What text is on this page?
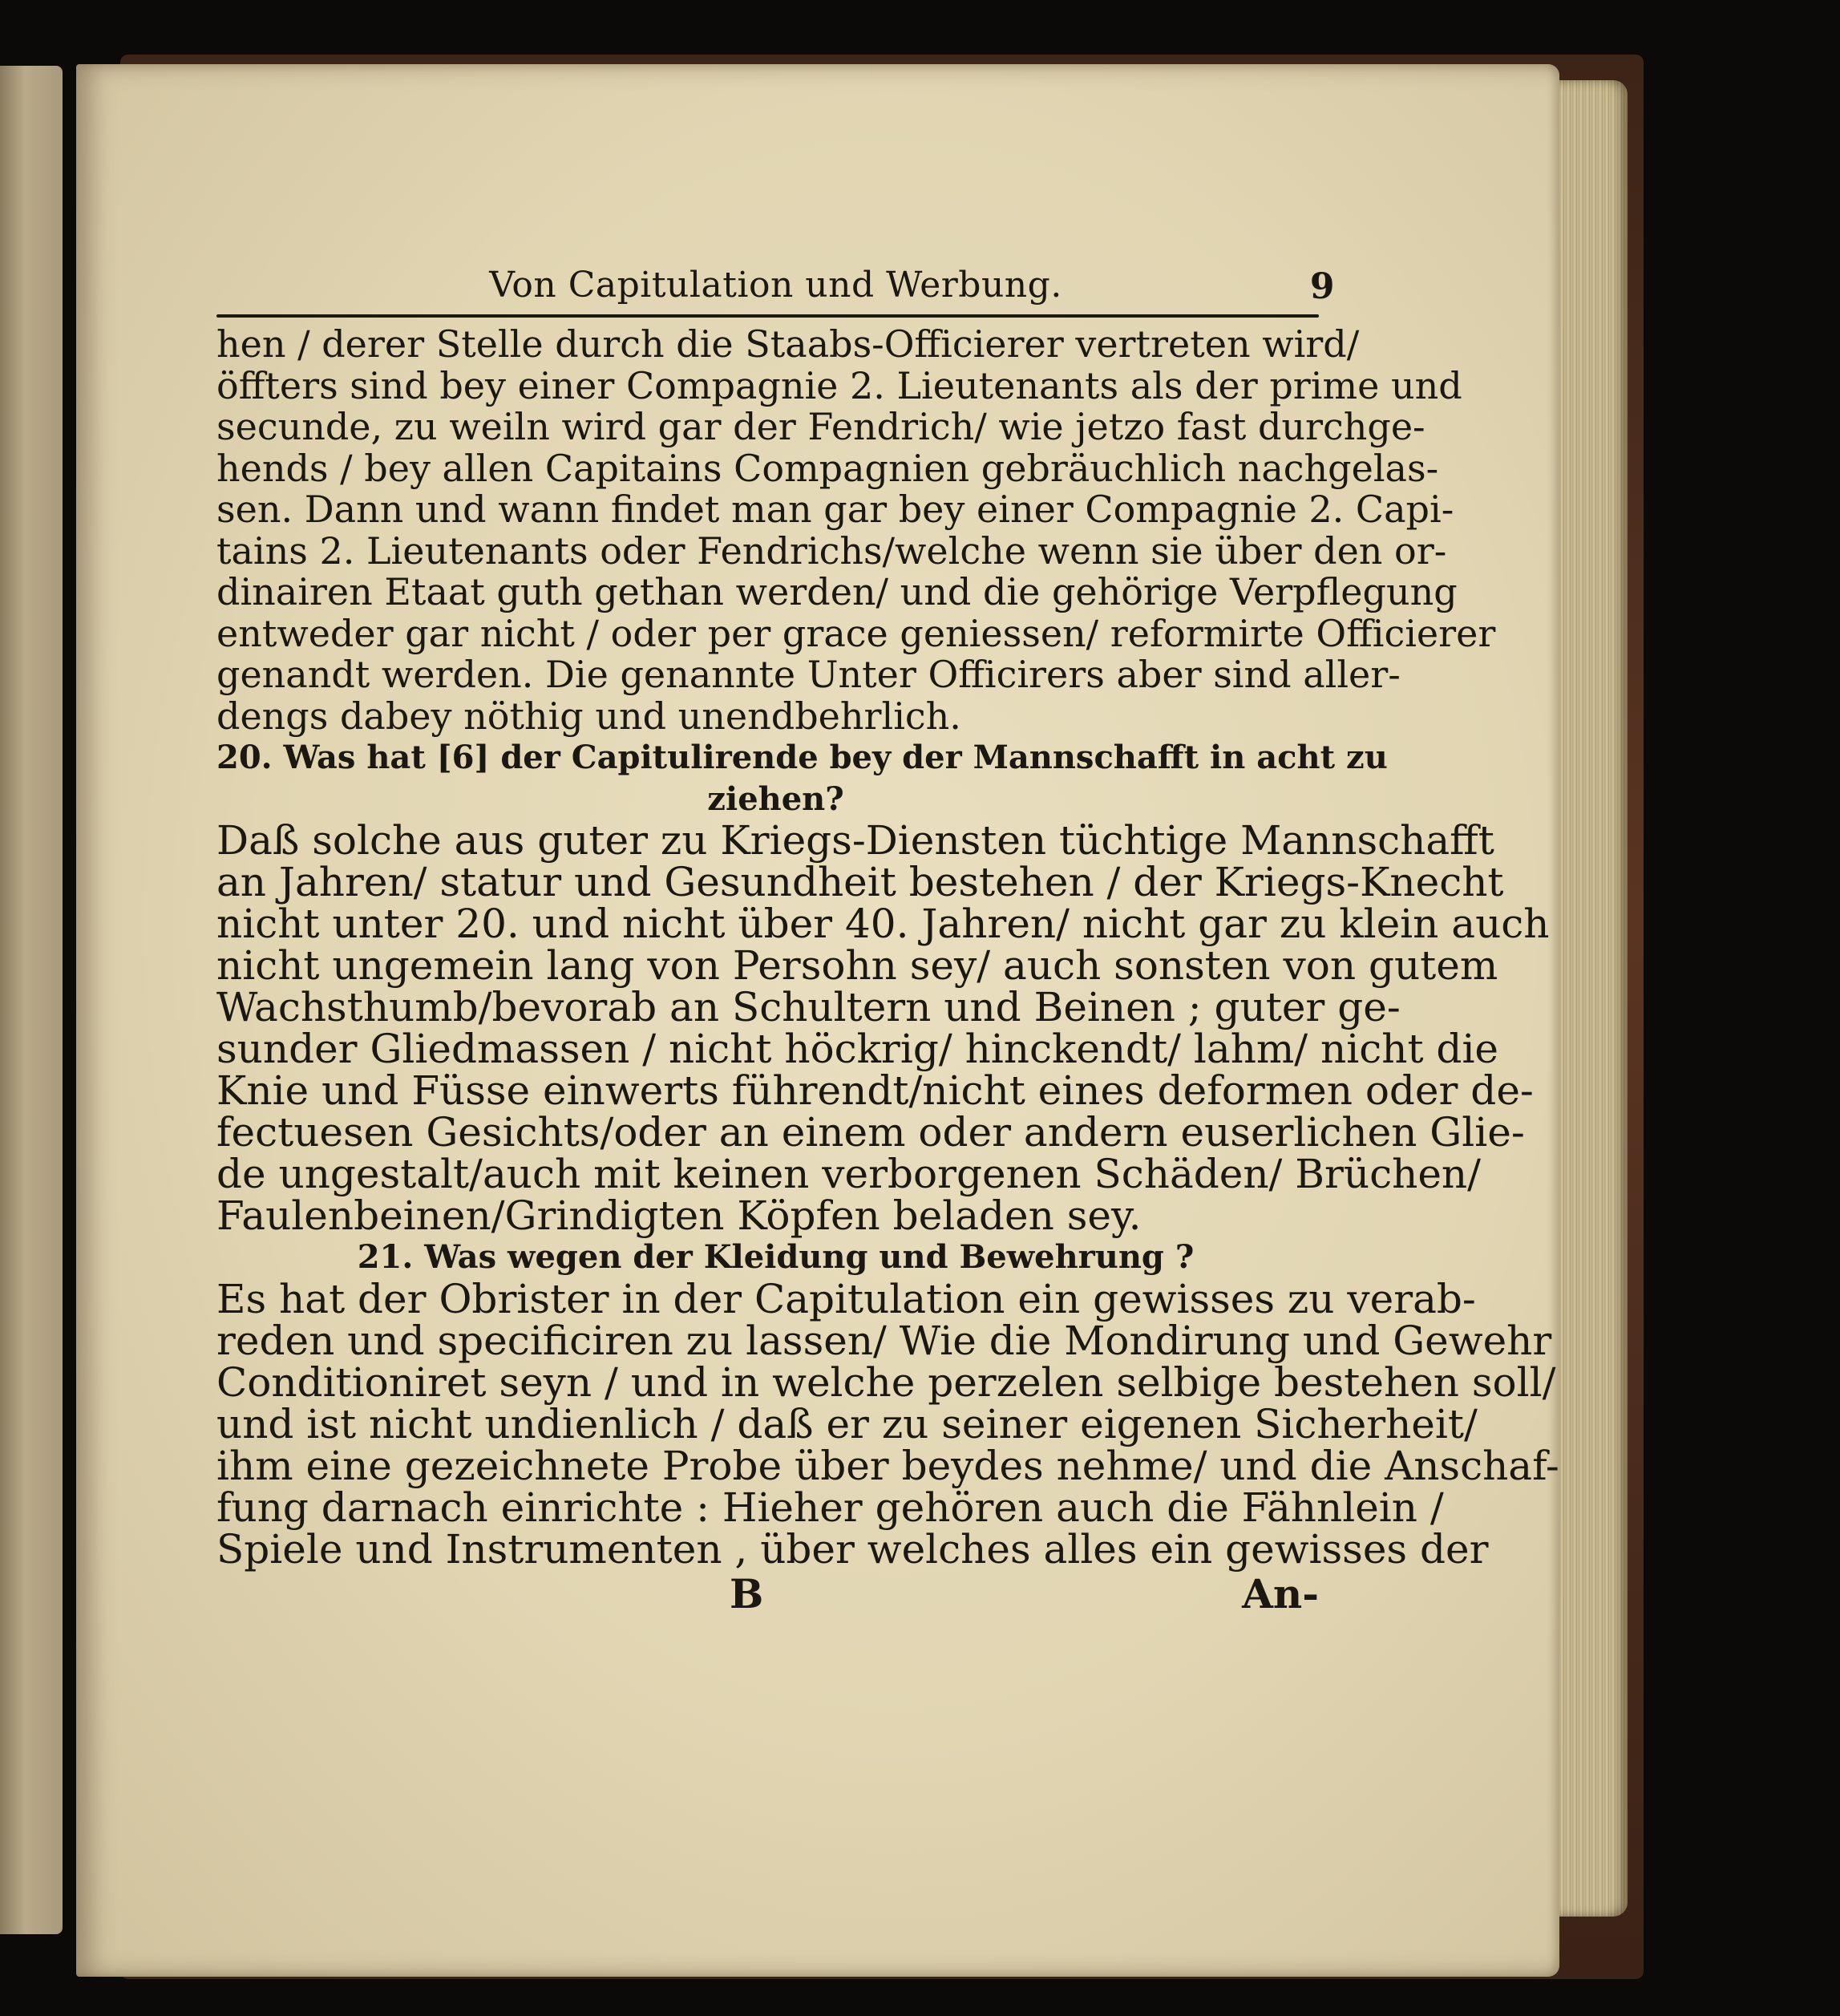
Von Capitulation und Werbung.	9
hen / derer Stelle durch die Staabs-Officierer vertreten wird/
öffters sind bey einer Compagnie 2. Lieutenants als der prime und
secunde, zu weiln wird gar der Fendrich/ wie jetzo fast durchge-
hends / bey allen Capitains Compagnien gebräuchlich nachgelas-
sen. Dann und wann findet man gar bey einer Compagnie 2. Capi-
tains 2. Lieutenants oder Fendrichs/welche wenn sie über den or-
dinairen Etaat guth gethan werden/ und die gehörige Verpflegung
entweder gar nicht / oder per grace geniessen/ reformirte Officierer
genandt werden. Die genannte Unter Officirers aber sind aller-
dengs dabey nöthig und unendbehrlich.
20. Was hat [6] der Capitulirende bey der Mannschafft in acht zu
ziehen?
Daß solche aus guter zu Kriegs-Diensten tüchtige Mannschafft
an Jahren/ statur und Gesundheit bestehen / der Kriegs-Knecht
nicht unter 20. und nicht über 40. Jahren/ nicht gar zu klein auch
nicht ungemein lang von Persohn sey/ auch sonsten von gutem
Wachsthumb/bevorab an Schultern und Beinen ; guter ge-
sunder Gliedmassen / nicht höckrig/ hinckendt/ lahm/ nicht die
Knie und Füsse einwerts führendt/nicht eines deformen oder de-
fectuesen Gesichts/oder an einem oder andern euserlichen Glie-
de ungestalt/auch mit keinen verborgenen Schäden/ Brüchen/
Faulenbeinen/Grindigten Köpfen beladen sey.
21. Was wegen der Kleidung und Bewehrung ?
Es hat der Obrister in der Capitulation ein gewisses zu verab-
reden und specificiren zu lassen/ Wie die Mondirung und Gewehr
Conditioniret seyn / und in welche perzelen selbige bestehen soll/
und ist nicht undienlich / daß er zu seiner eigenen Sicherheit/
ihm eine gezeichnete Probe über beydes nehme/ und die Anschaf-
fung darnach einrichte : Hieher gehören auch die Fähnlein /
Spiele und Instrumenten , über welches alles ein gewisses der
B	An-
